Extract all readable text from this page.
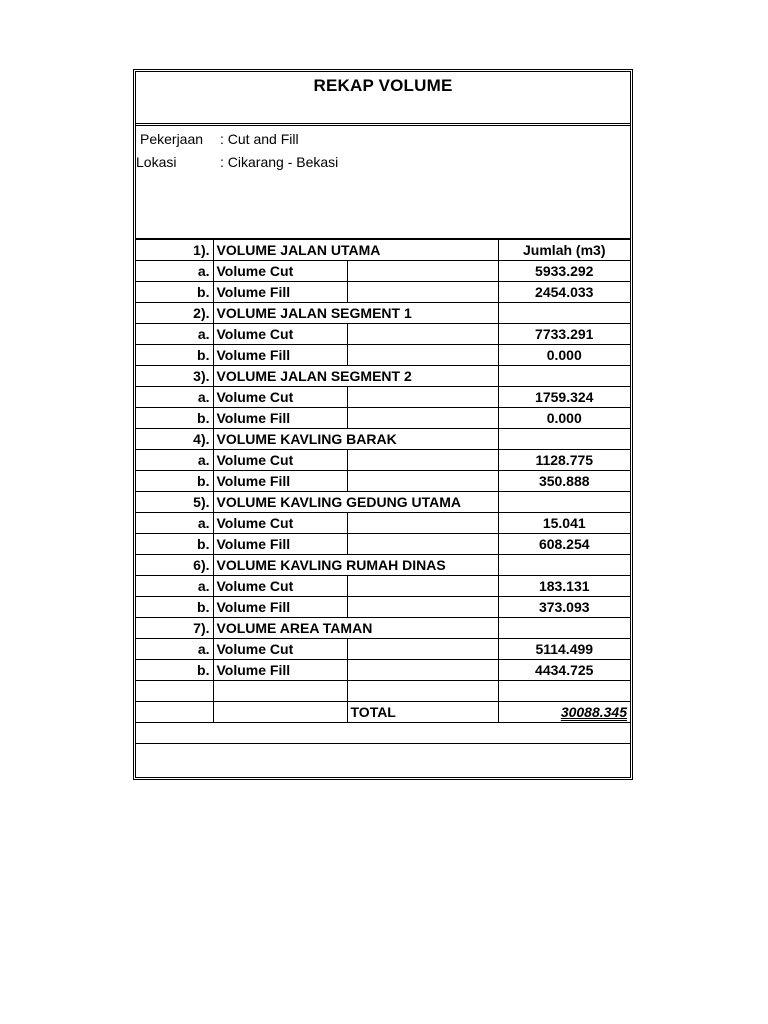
REKAP VOLUME
Pekerjaan : Cut and Fill
Lokasi	: Cikarang - Bekasi
1).	VOLUME JALAN UTAMA		Jumlah (m3)
a.	Volume Cut		5933.292
b.	Volume Fill		2454.033
2).	VOLUME JALAN SEGMENT 1		
a.	Volume Cut		7733.291
b.	Volume Fill		0.000
3).	VOLUME JALAN SEGMENT 2		
a.	Volume Cut		1759.324
b.	Volume Fill		0.000
4).	VOLUME KAVLING BARAK		
a.	Volume Cut		1128.775
b.	Volume Fill		350.888
5).	VOLUME KAVLING GEDUNG UTAMA		
a.	Volume Cut		15.041
b.	Volume Fill		608.254
6).	VOLUME KAVLING RUMAH DINAS		
a.	Volume Cut		183.131
b.	Volume Fill		373.093
7).	VOLUME AREA TAMAN		
a.	Volume Cut		5114.499
b.	Volume Fill		4434.725

		TOTAL	30088.345
